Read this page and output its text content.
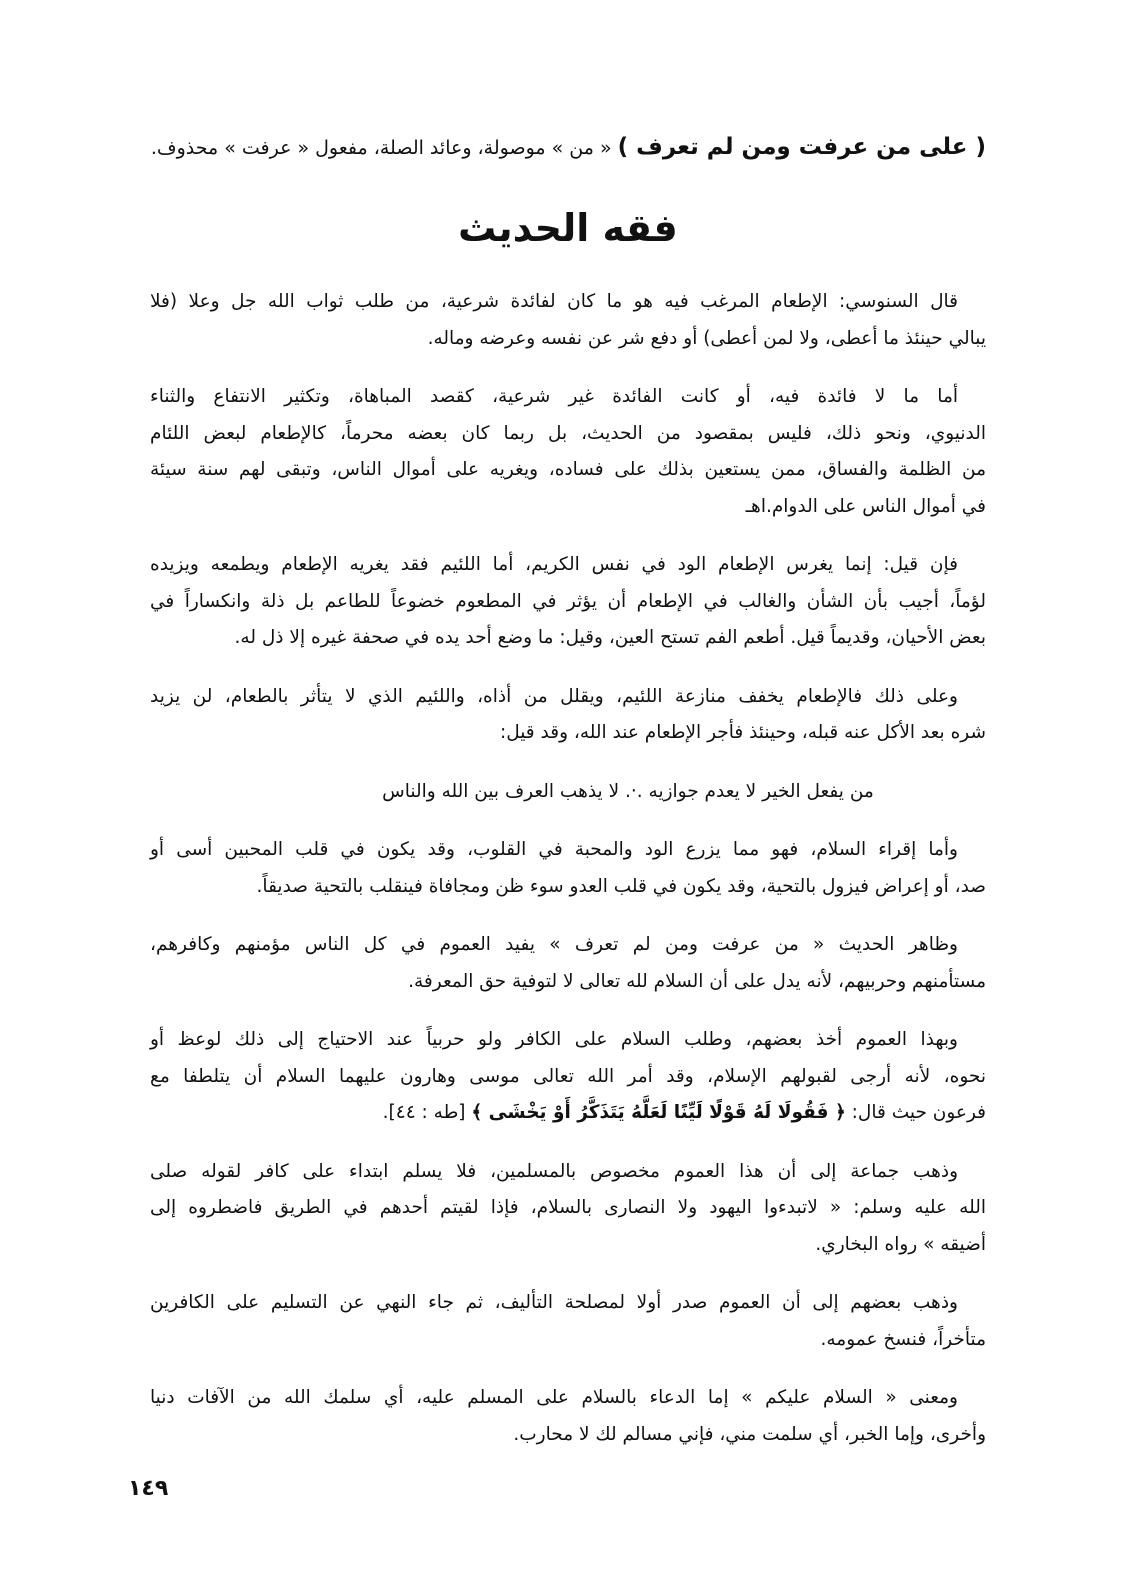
( على من عرفت ومن لم تعرف ) « من » موصولة، وعائد الصلة، مفعول « عرفت » محذوف.
فقه الحديث
قال السنوسي: الإطعام المرغب فيه هو ما كان لفائدة شرعية، من طلب ثواب الله جل وعلا (فلا
يبالي حينئذ ما أعطى، ولا لمن أعطى) أو دفع شر عن نفسه وعرضه وماله.
أما ما لا فائدة فيه، أو كانت الفائدة غير شرعية، كقصد المباهاة، وتكثير الانتفاع والثناء
الدنيوي، ونحو ذلك، فليس بمقصود من الحديث، بل ربما كان بعضه محرماً، كالإطعام لبعض اللئام
من الظلمة والفساق، ممن يستعين بذلك على فساده، ويغريه على أموال الناس، وتبقى لهم سنة سيئة
في أموال الناس على الدوام.اهـ
فإن قيل: إنما يغرس الإطعام الود في نفس الكريم، أما اللئيم فقد يغريه الإطعام ويطمعه ويزيده
لؤماً، أجيب بأن الشأن والغالب في الإطعام أن يؤثر في المطعوم خضوعاً للطاعم بل ذلة وانكساراً في
بعض الأحيان، وقديماً قيل. أطعم الفم تستح العين، وقيل: ما وضع أحد يده في صحفة غيره إلا ذل له.
وعلى ذلك فالإطعام يخفف منازعة اللئيم، ويقلل من أذاه، واللئيم الذي لا يتأثر بالطعام، لن يزيد
شره بعد الأكل عنه قبله، وحينئذ فأجر الإطعام عند الله، وقد قيل:
من يفعل الخير لا يعدم جوازيه .·. لا يذهب العرف بين الله والناس
وأما إقراء السلام، فهو مما يزرع الود والمحبة في القلوب، وقد يكون في قلب المحبين أسى أو
صد، أو إعراض فيزول بالتحية، وقد يكون في قلب العدو سوء ظن ومجافاة فينقلب بالتحية صديقاً.
وظاهر الحديث « من عرفت ومن لم تعرف » يفيد العموم في كل الناس مؤمنهم وكافرهم،
مستأمنهم وحربيهم، لأنه يدل على أن السلام لله تعالى لا لتوفية حق المعرفة.
وبهذا العموم أخذ بعضهم، وطلب السلام على الكافر ولو حربياً عند الاحتياج إلى ذلك لوعظ أو
نحوه، لأنه أرجى لقبولهم الإسلام، وقد أمر الله تعالى موسى وهارون عليهما السلام أن يتلطفا مع
فرعون حيث قال: ﴿ فَقُولَا لَهُ قَوْلًا لَيِّنًا لَعَلَّهُ يَتَذَكَّرُ أَوْ يَخْشَى ﴾ [طه : ٤٤].
وذهب جماعة إلى أن هذا العموم مخصوص بالمسلمين، فلا يسلم ابتداء على كافر لقوله صلى
الله عليه وسلم: « لاتبدءوا اليهود ولا النصارى بالسلام، فإذا لقيتم أحدهم في الطريق فاضطروه إلى
أضيقه » رواه البخاري.
وذهب بعضهم إلى أن العموم صدر أولا لمصلحة التأليف، ثم جاء النهي عن التسليم على الكافرين
متأخراً، فنسخ عمومه.
ومعنى « السلام عليكم » إما الدعاء بالسلام على المسلم عليه، أي سلمك الله من الآفات دنيا
وأخرى، وإما الخبر، أي سلمت مني، فإني مسالم لك لا محارب.
١٤٩
